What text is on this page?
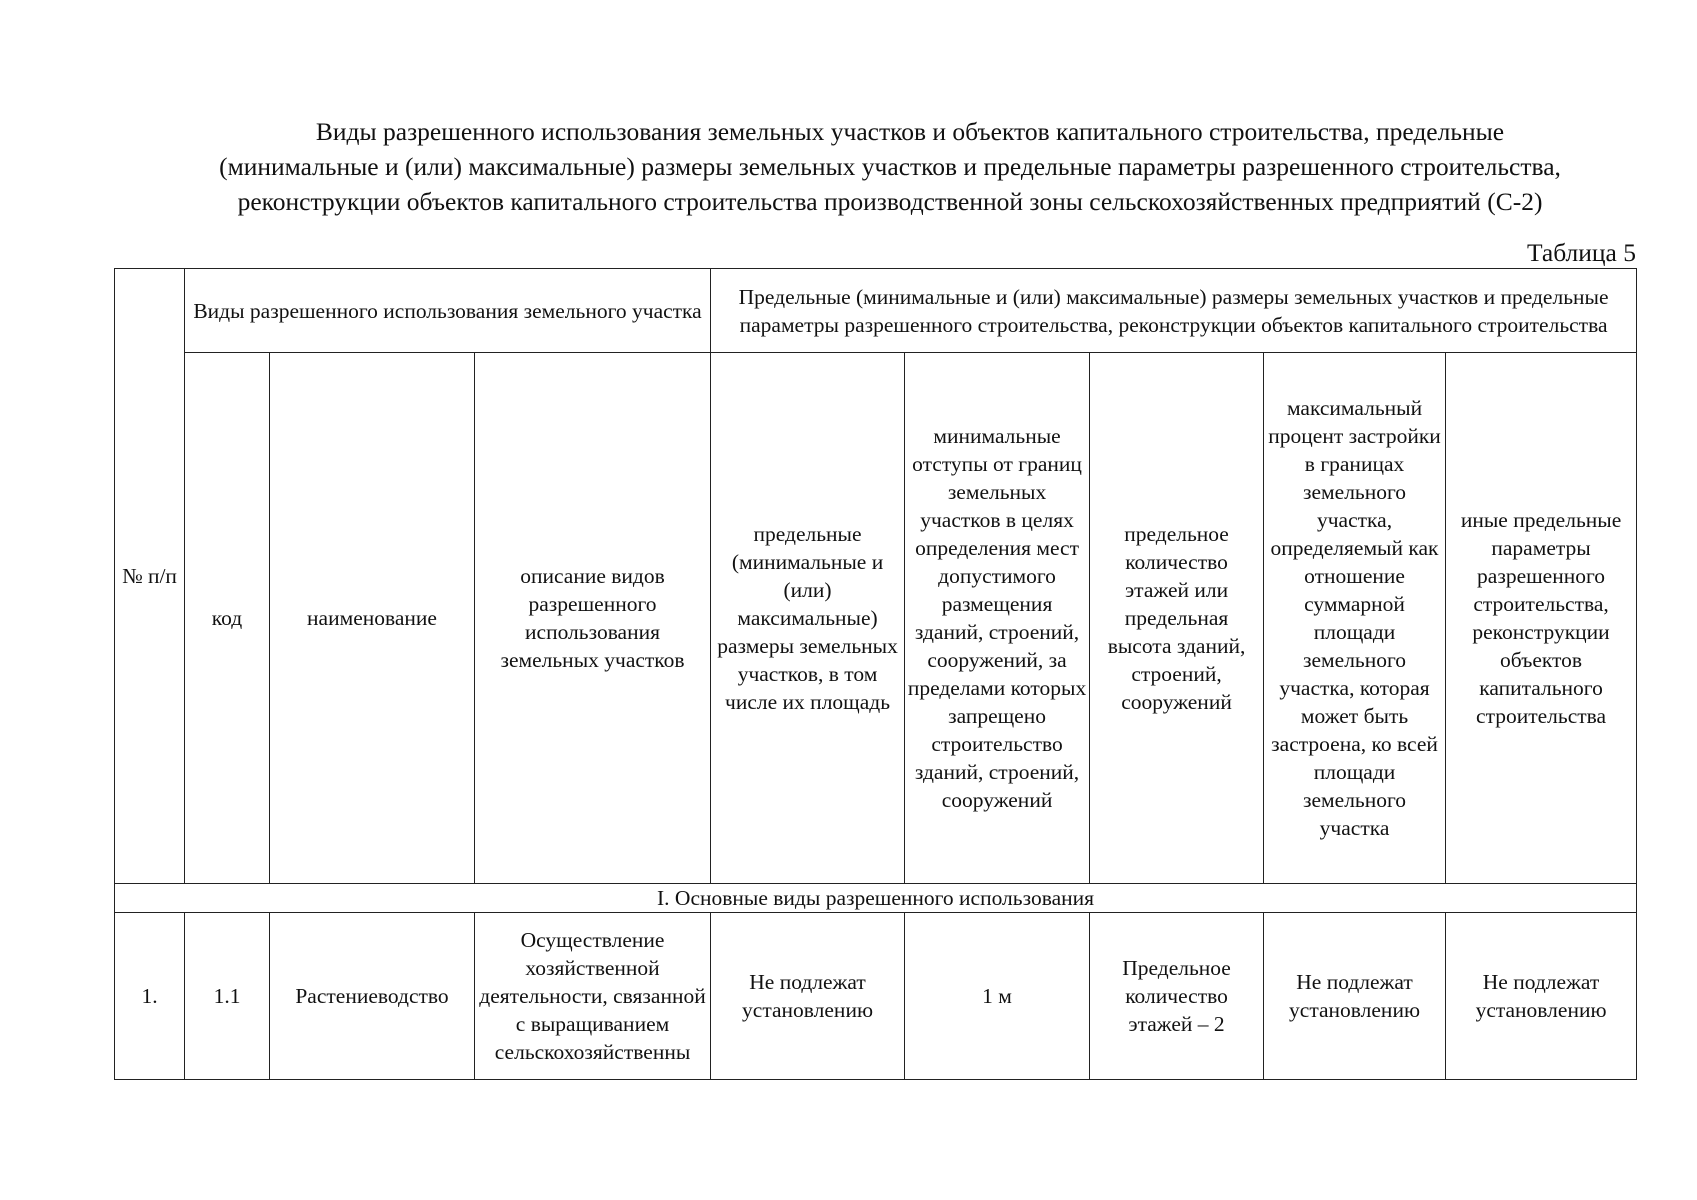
Виды разрешенного использования земельных участков и объектов капитального строительства, предельные
(минимальные и (или) максимальные) размеры земельных участков и предельные параметры разрешенного строительства,
реконструкции объектов капитального строительства производственной зоны сельскохозяйственных предприятий (С-2)
Таблица 5
№ п/п	Виды разрешенного использования земельного участка			Предельные (минимальные и (или) максимальные) размеры земельных участков и предельные параметры разрешенного строительства, реконструкции объектов капитального строительства				
	код	наименование	описание видов разрешенного использования земельных участков	предельные (минимальные и (или) максимальные) размеры земельных участков, в том числе их площадь	минимальные отступы от границ земельных участков в целях определения мест допустимого размещения зданий, строений, сооружений, за пределами которых запрещено строительство зданий, строений, сооружений	предельное количество этажей или предельная высота зданий, строений, сооружений	максимальный процент застройки в границах земельного участка, определяемый как отношение суммарной площади земельного участка, которая может быть застроена, ко всей площади земельного участка	иные предельные параметры разрешенного строительства, реконструкции объектов капитального строительства
I. Основные виды разрешенного использования								
1.	1.1	Растениеводство	Осуществление хозяйственной деятельности, связанной с выращиванием сельскохозяйственны	Не подлежат установлению	1 м	Предельное количество этажей – 2	Не подлежат установлению	Не подлежат установлению
